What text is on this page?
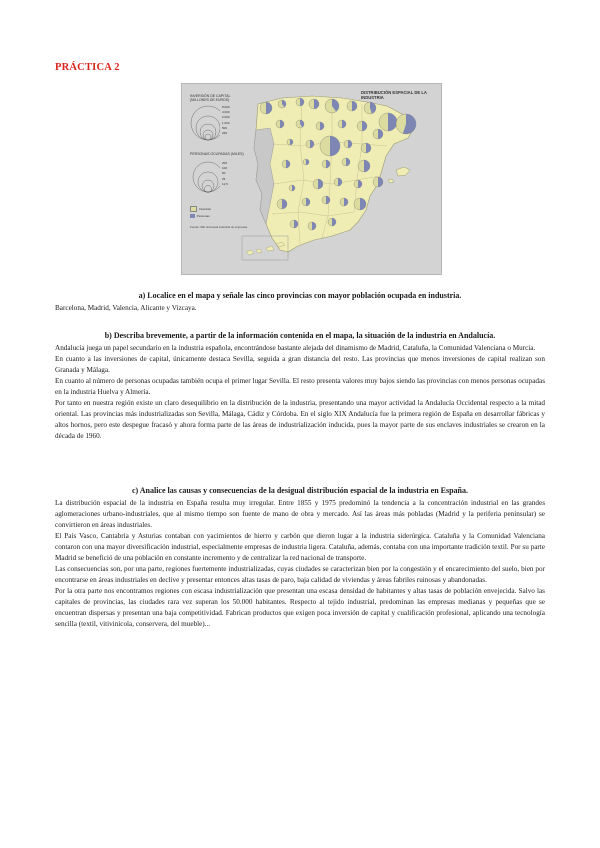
PRÁCTICA 2
DISTRIBUCIÓN ESPACIAL DE LA INDUSTRIA
INVERSIÓN DE CAPITAL (MILLONES DE EUROS)
8.000
4.000
2.000
1.000
500
250
PERSONAS OCUPADAS (MILES)
200
100
50
25
12,5
Inversión
Personas
Fuente: INE. Encuesta industrial de empresas.
a) Localice en el mapa y señale las cinco provincias con mayor población ocupada en industria.

Barcelona, Madrid, Valencia, Alicante y Vizcaya.

b) Describa brevemente, a partir de la información contenida en el mapa, la situación de la industria en Andalucía.

Andalucía juega un papel secundario en la industria española, encontrándose bastante alejada del dinamismo de Madrid, Cataluña, la Comunidad Valenciana o Murcia.

En cuanto a las inversiones de capital, únicamente destaca Sevilla, seguida a gran distancia del resto. Las provincias que menos inversiones de capital realizan son Granada y Málaga.

En cuanto al número de personas ocupadas también ocupa el primer lugar Sevilla. El resto presenta valores muy bajos siendo las provincias con menos personas ocupadas en la industria Huelva y Almería.

Por tanto en nuestra región existe un claro desequilibrio en la distribución de la industria, presentando una mayor actividad la Andalucía Occidental respecto a la mitad oriental. Las provincias más industrializadas son Sevilla, Málaga, Cádiz y Córdoba. En el siglo XIX Andalucía fue la primera región de España en desarrollar fábricas y altos hornos, pero este despegue fracasó y ahora forma parte de las áreas de industrialización inducida, pues la mayor parte de sus enclaves industriales se crearon en la década de 1960.

c) Analice las causas y consecuencias de la desigual distribución espacial de la industria en España.

La distribución espacial de la industria en España resulta muy irregular. Entre 1855 y 1975 predominó la tendencia a la concentración industrial en las grandes aglomeraciones urbano-industriales, que al mismo tiempo son fuente de mano de obra y mercado. Así las áreas más pobladas (Madrid y la periferia peninsular) se convirtieron en áreas industriales.

El País Vasco, Cantabria y Asturias contaban con yacimientos de hierro y carbón que dieron lugar a la industria siderúrgica. Cataluña y la Comunidad Valenciana contaron con una mayor diversificación industrial, especialmente empresas de industria ligera. Cataluña, además, contaba con una importante tradición textil. Por su parte Madrid se benefició de una población en constante incremento y de centralizar la red nacional de transporte.

Las consecuencias son, por una parte, regiones fuertemente industrializadas, cuyas ciudades se caracterizan bien por la congestión y el encarecimiento del suelo, bien por encontrarse en áreas industriales en declive y presentar entonces altas tasas de paro, baja calidad de viviendas y áreas fabriles ruinosas y abandonadas.

Por la otra parte nos encontramos regiones con escasa industrialización que presentan una escasa densidad de habitantes y altas tasas de población envejecida. Salvo las capitales de provincias, las ciudades rara vez superan los 50.000 habitantes. Respecto al tejido industrial, predominan las empresas medianas y pequeñas que se encuentran dispersas y presentan una baja competitividad. Fabrican productos que exigen poca inversión de capital y cualificación profesional, aplicando una tecnología sencilla (textil, vitivinícola, conservera, del mueble)...
